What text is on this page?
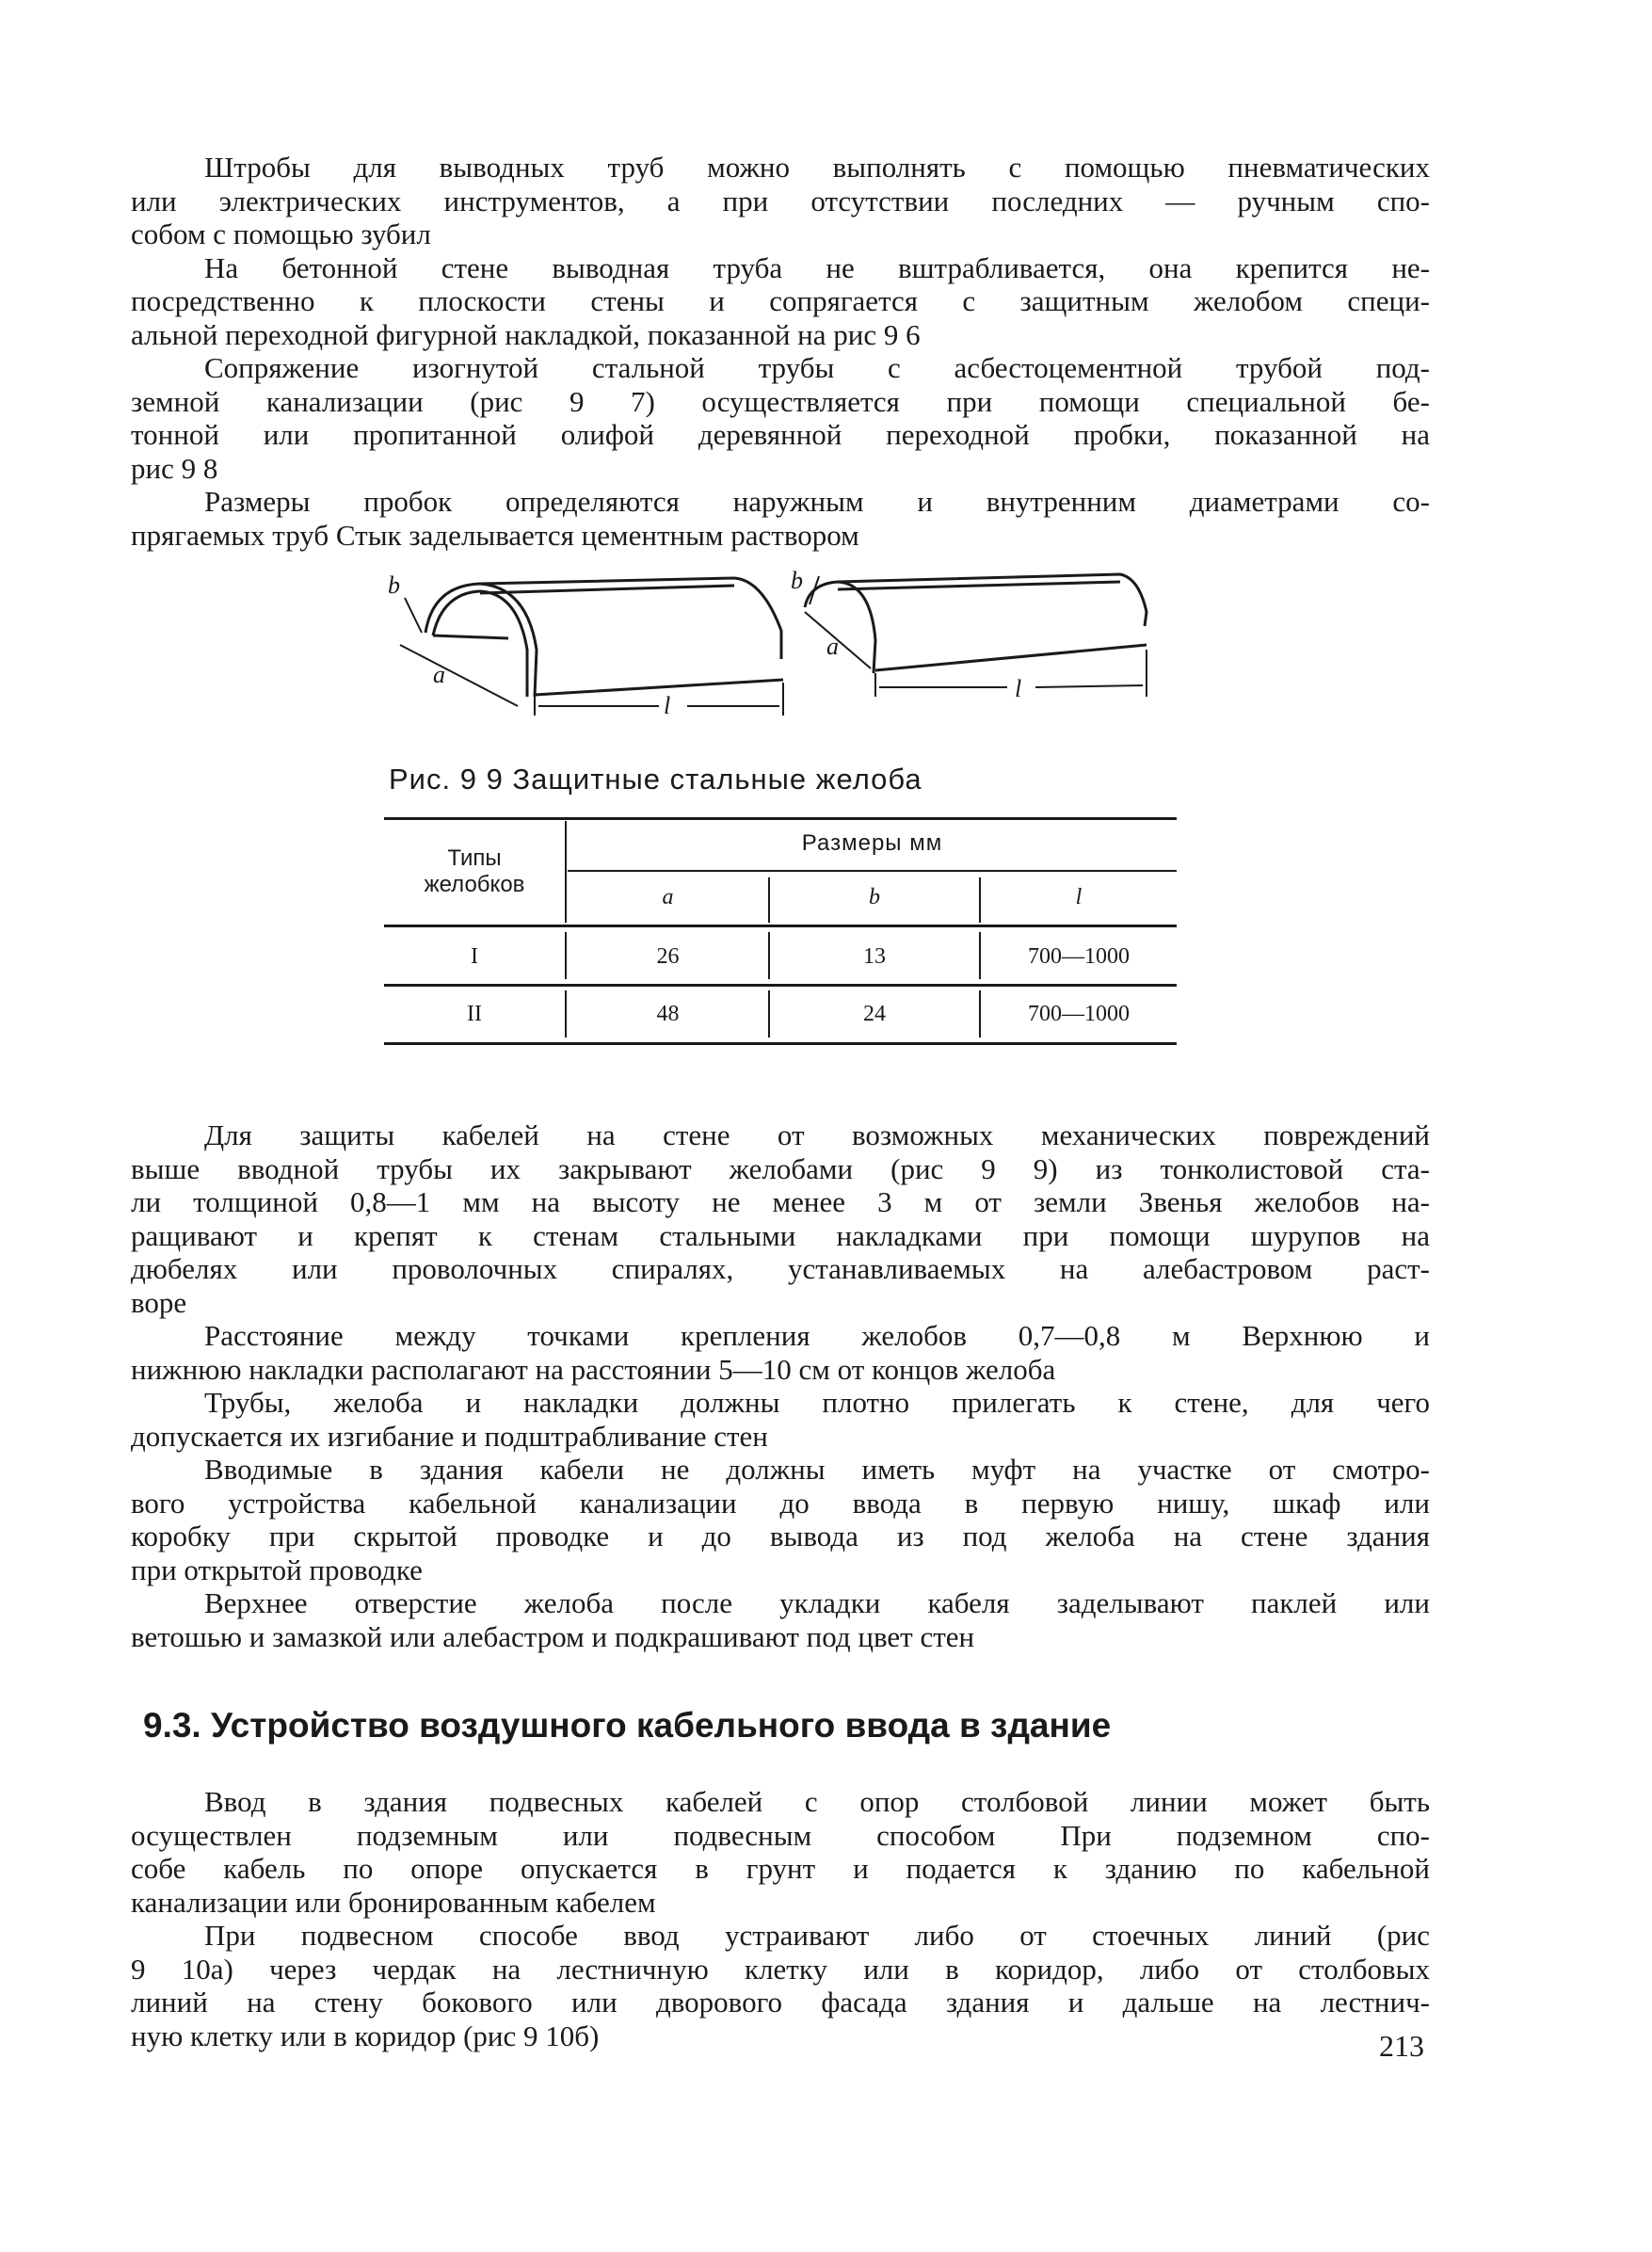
Штробы для выводных труб можно выполнять с помощью пневматических
или электрических инструментов, а при отсутствии последних — ручным спо-
собом с помощью зубил
На бетонной стене выводная труба не вштрабливается, она крепится не-
посредственно к плоскости стены и сопрягается с защитным желобом специ-
альной переходной фигурной накладкой, показанной на рис 9 6
Сопряжение изогнутой стальной трубы с асбестоцементной трубой под-
земной канализации (рис 9 7) осуществляется при помощи специальной бе-
тонной или пропитанной олифой деревянной переходной пробки, показанной на
рис 9 8
Размеры пробок определяются наружным и внутренним диаметрами со-
прягаемых труб Стык заделывается цементным раствором
b
a
l
b
a
l
Рис. 9 9 Защитные стальные желоба
Типы желобков
Размеры мм
a	b	l
I	26	13	700—1000
II	48	24	700—1000
Для защиты кабелей на стене от возможных механических повреждений
выше вводной трубы их закрывают желобами (рис 9 9) из тонколистовой ста-
ли толщиной 0,8—1 мм на высоту не менее 3 м от земли Звенья желобов на-
ращивают и крепят к стенам стальными накладками при помощи шурупов на
дюбелях или проволочных спиралях, устанавливаемых на алебастровом раст-
воре
Расстояние между точками крепления желобов 0,7—0,8 м Верхнюю и
нижнюю накладки располагают на расстоянии 5—10 см от концов желоба
Трубы, желоба и накладки должны плотно прилегать к стене, для чего
допускается их изгибание и подштрабливание стен
Вводимые в здания кабели не должны иметь муфт на участке от смотро-
вого устройства кабельной канализации до ввода в первую нишу, шкаф или
коробку при скрытой проводке и до вывода из под желоба на стене здания
при открытой проводке
Верхнее отверстие желоба после укладки кабеля заделывают паклей или
ветошью и замазкой или алебастром и подкрашивают под цвет стен
9.3. Устройство воздушного кабельного ввода в здание
Ввод в здания подвесных кабелей с опор столбовой линии может быть
осуществлен подземным или подвесным способом При подземном спо-
собе кабель по опоре опускается в грунт и подается к зданию по кабельной
канализации или бронированным кабелем
При подвесном способе ввод устраивают либо от стоечных линий (рис
9 10а) через чердак на лестничную клетку или в коридор, либо от столбовых
линий на стену бокового или дворового фасада здания и дальше на лестнич-
ную клетку или в коридор (рис 9 10б)	213
